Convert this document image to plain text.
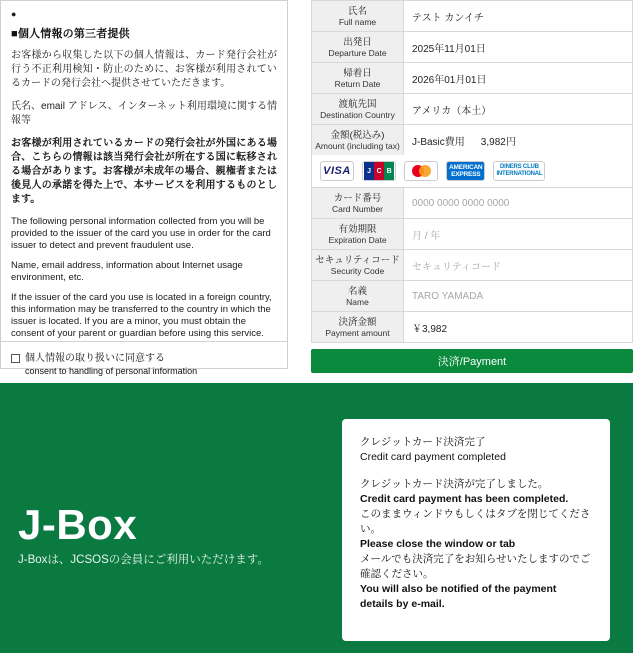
●
■個人情報の第三者提供

お客様から収集した以下の個人情報は、カード発行会社が行う不正利用検知・防止のために、お客様が利用されているカードの発行会社へ提供させていただきます。

氏名、email アドレス、インターネット利用環境に関する情報等

お客様が利用されているカードの発行会社が外国にある場合、こちらの情報は該当発行会社が所在する国に転移される場合があります。お客様が未成年の場合、親権者または後見人の承諾を得た上で、本サービスを利用するものとします。

The following personal information collected from you will be provided to the issuer of the card you use in order for the card issuer to detect and prevent fraudulent use.

Name, email address, information about Internet usage environment, etc.

If the issuer of the card you use is located in a foreign country, this information may be transferred to the country in which the issuer is located. If you are a minor, you must obtain the consent of your parent or guardian before using this service.

個人情報の取り扱いに同意する
consent to handling of personal information
氏名
Full name	テスト カンイチ
出発日
Departure Date	2025年11月01日
帰着日
Return Date	2026年01月01日
渡航先国
Destination Country	アメリカ（本土）
金額(税込み)
Amount (including tax) J-Basic費用 3,982円
VISA	J C B	AMERICAN
EXPRESS
DINERS CLUB
INTERNATIONAL
カード番号
Card Number	0000 0000 0000 0000
有効期限
Expiration Date	月 / 年
セキュリティコード
Security Code	セキュリティコード
名義
Name	TARO YAMADA
決済金額
Payment amount	￥3,982
決済/Payment
J-Box
J-Boxは、JCSOSの会員にご利用いただけます。
クレジットカード決済完了
Credit card payment completed
クレジットカード決済が完了しました。
Credit card payment has been completed.
このままウィンドウもしくはタブを閉じてください。
Please close the window or tab
メールでも決済完了をお知らせいたしますのでご確認ください。
You will also be notified of the payment details by e-mail.
